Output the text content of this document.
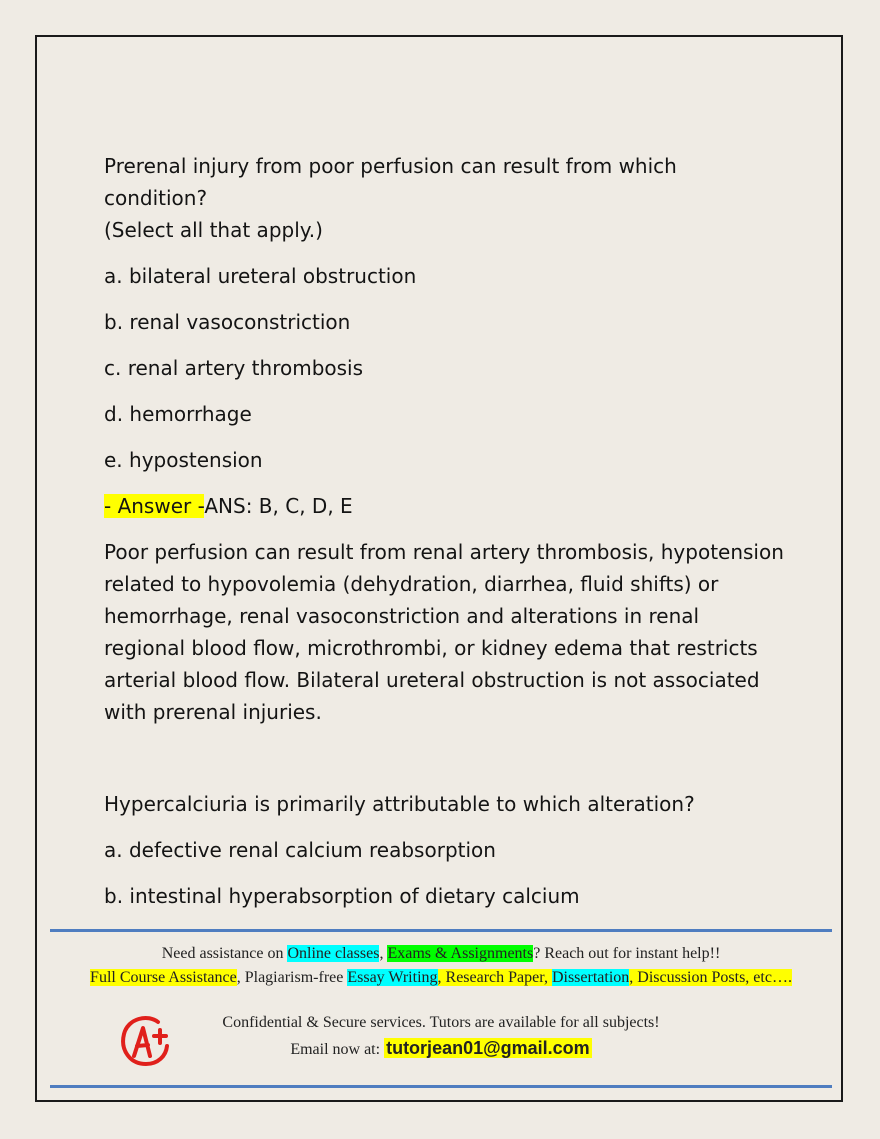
Prerenal injury from poor perfusion can result from which condition?
(Select all that apply.)

a. bilateral ureteral obstruction

b. renal vasoconstriction

c. renal artery thrombosis

d. hemorrhage

e. hypostension

- Answer -ANS: B, C, D, E

Poor perfusion can result from renal artery thrombosis, hypotension related to hypovolemia (dehydration, diarrhea, fluid shifts) or hemorrhage, renal vasoconstriction and alterations in renal regional blood flow, microthrombi, or kidney edema that restricts arterial blood flow. Bilateral ureteral obstruction is not associated with prerenal injuries.

Hypercalciuria is primarily attributable to which alteration?

a. defective renal calcium reabsorption

b. intestinal hyperabsorption of dietary calcium

Need assistance on Online classes, Exams & Assignments? Reach out for instant help!!
Full Course Assistance, Plagiarism-free Essay Writing, Research Paper, Dissertation, Discussion Posts, etc….
Confidential & Secure services. Tutors are available for all subjects!
Email now at: tutorjean01@gmail.com
